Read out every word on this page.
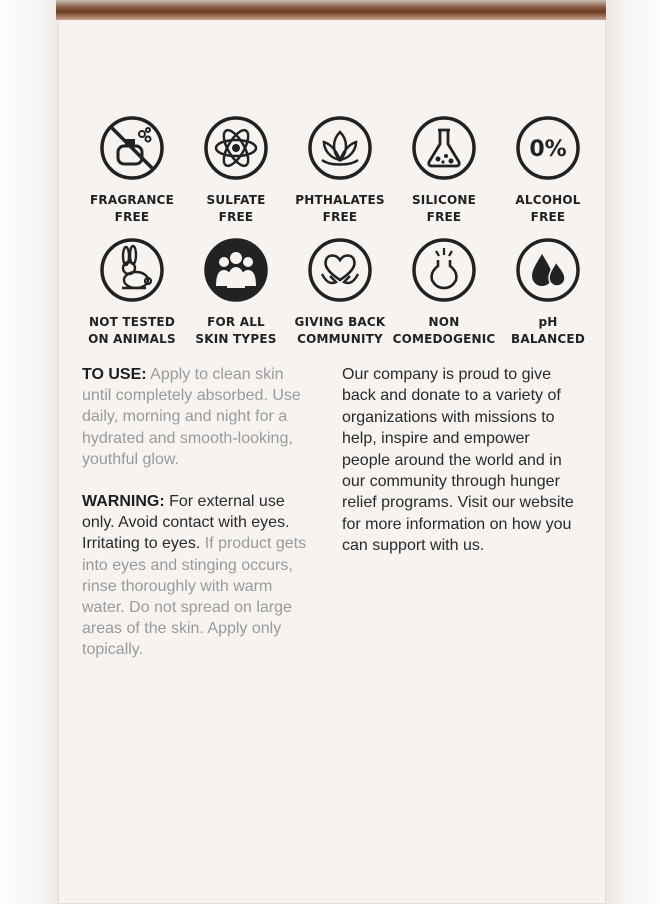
FRAGRANCE
FREE
SULFATE
FREE
PHTHALATES
FREE
SILICONE
FREE
0%
ALCOHOL
FREE
NOT TESTED
ON ANIMALS
FOR ALL
SKIN TYPES
GIVING BACK
COMMUNITY
NON
COMEDOGENIC
pH
BALANCED

TO USE: Apply to clean skin until completely absorbed. Use daily, morning and night for a hydrated and smooth-looking, youthful glow.

WARNING: For external use only. Avoid contact with eyes. Irritating to eyes. If product gets into eyes and stinging occurs, rinse thoroughly with warm water. Do not spread on large areas of the skin. Apply only topically.

Our company is proud to give back and donate to a variety of organizations with missions to help, inspire and empower people around the world and in our community through hunger relief programs. Visit our website for more information on how you can support with us.
